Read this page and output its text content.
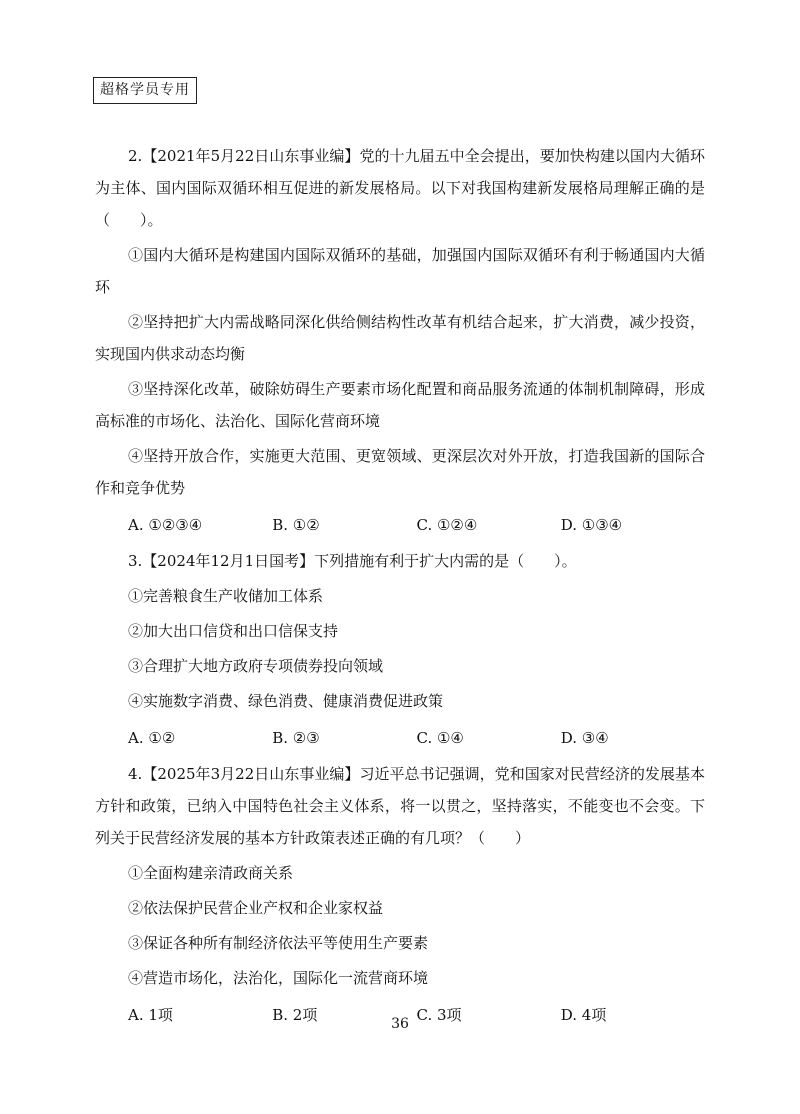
超格学员专用

2.【2021年5月22日山东事业编】党的十九届五中全会提出，要加快构建以国内大循环为主体、国内国际双循环相互促进的新发展格局。以下对我国构建新发展格局理解正确的是（　　）。

①国内大循环是构建国内国际双循环的基础，加强国内国际双循环有利于畅通国内大循环

②坚持把扩大内需战略同深化供给侧结构性改革有机结合起来，扩大消费，减少投资，实现国内供求动态均衡

③坚持深化改革，破除妨碍生产要素市场化配置和商品服务流通的体制机制障碍，形成高标准的市场化、法治化、国际化营商环境

④坚持开放合作，实施更大范围、更宽领域、更深层次对外开放，打造我国新的国际合作和竞争优势

A. ①②③④	B. ①②	C. ①②④	D. ①③④

3.【2024年12月1日国考】下列措施有利于扩大内需的是（　　）。

①完善粮食生产收储加工体系

②加大出口信贷和出口信保支持

③合理扩大地方政府专项债券投向领域

④实施数字消费、绿色消费、健康消费促进政策

A. ①②	B. ②③	C. ①④	D. ③④

4.【2025年3月22日山东事业编】习近平总书记强调，党和国家对民营经济的发展基本方针和政策，已纳入中国特色社会主义体系，将一以贯之，坚持落实，不能变也不会变。下列关于民营经济发展的基本方针政策表述正确的有几项？（　　）

①全面构建亲清政商关系

②依法保护民营企业产权和企业家权益

③保证各种所有制经济依法平等使用生产要素

④营造市场化，法治化，国际化一流营商环境

A. 1项	B. 2项	C. 3项	D. 4项
36
